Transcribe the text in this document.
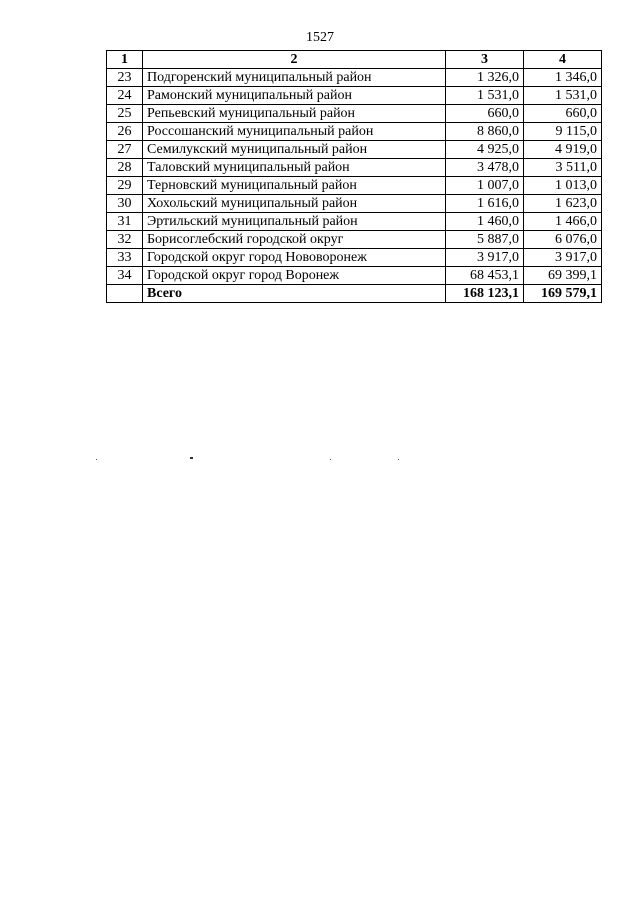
1527
1	2	3	4
23	Подгоренский муниципальный район	1 326,0	1 346,0
24	Рамонский муниципальный район	1 531,0	1 531,0
25	Репьевский муниципальный район	660,0	660,0
26	Россошанский муниципальный район	8 860,0	9 115,0
27	Семилукский муниципальный район	4 925,0	4 919,0
28	Таловский муниципальный район	3 478,0	3 511,0
29	Терновский муниципальный район	1 007,0	1 013,0
30	Хохольский муниципальный район	1 616,0	1 623,0
31	Эртильский муниципальный район	1 460,0	1 466,0
32	Борисоглебский городской округ	5 887,0	6 076,0
33	Городской округ город Нововоронеж	3 917,0	3 917,0
34	Городской округ город Воронеж	68 453,1	69 399,1
	Всего	168 123,1	169 579,1
